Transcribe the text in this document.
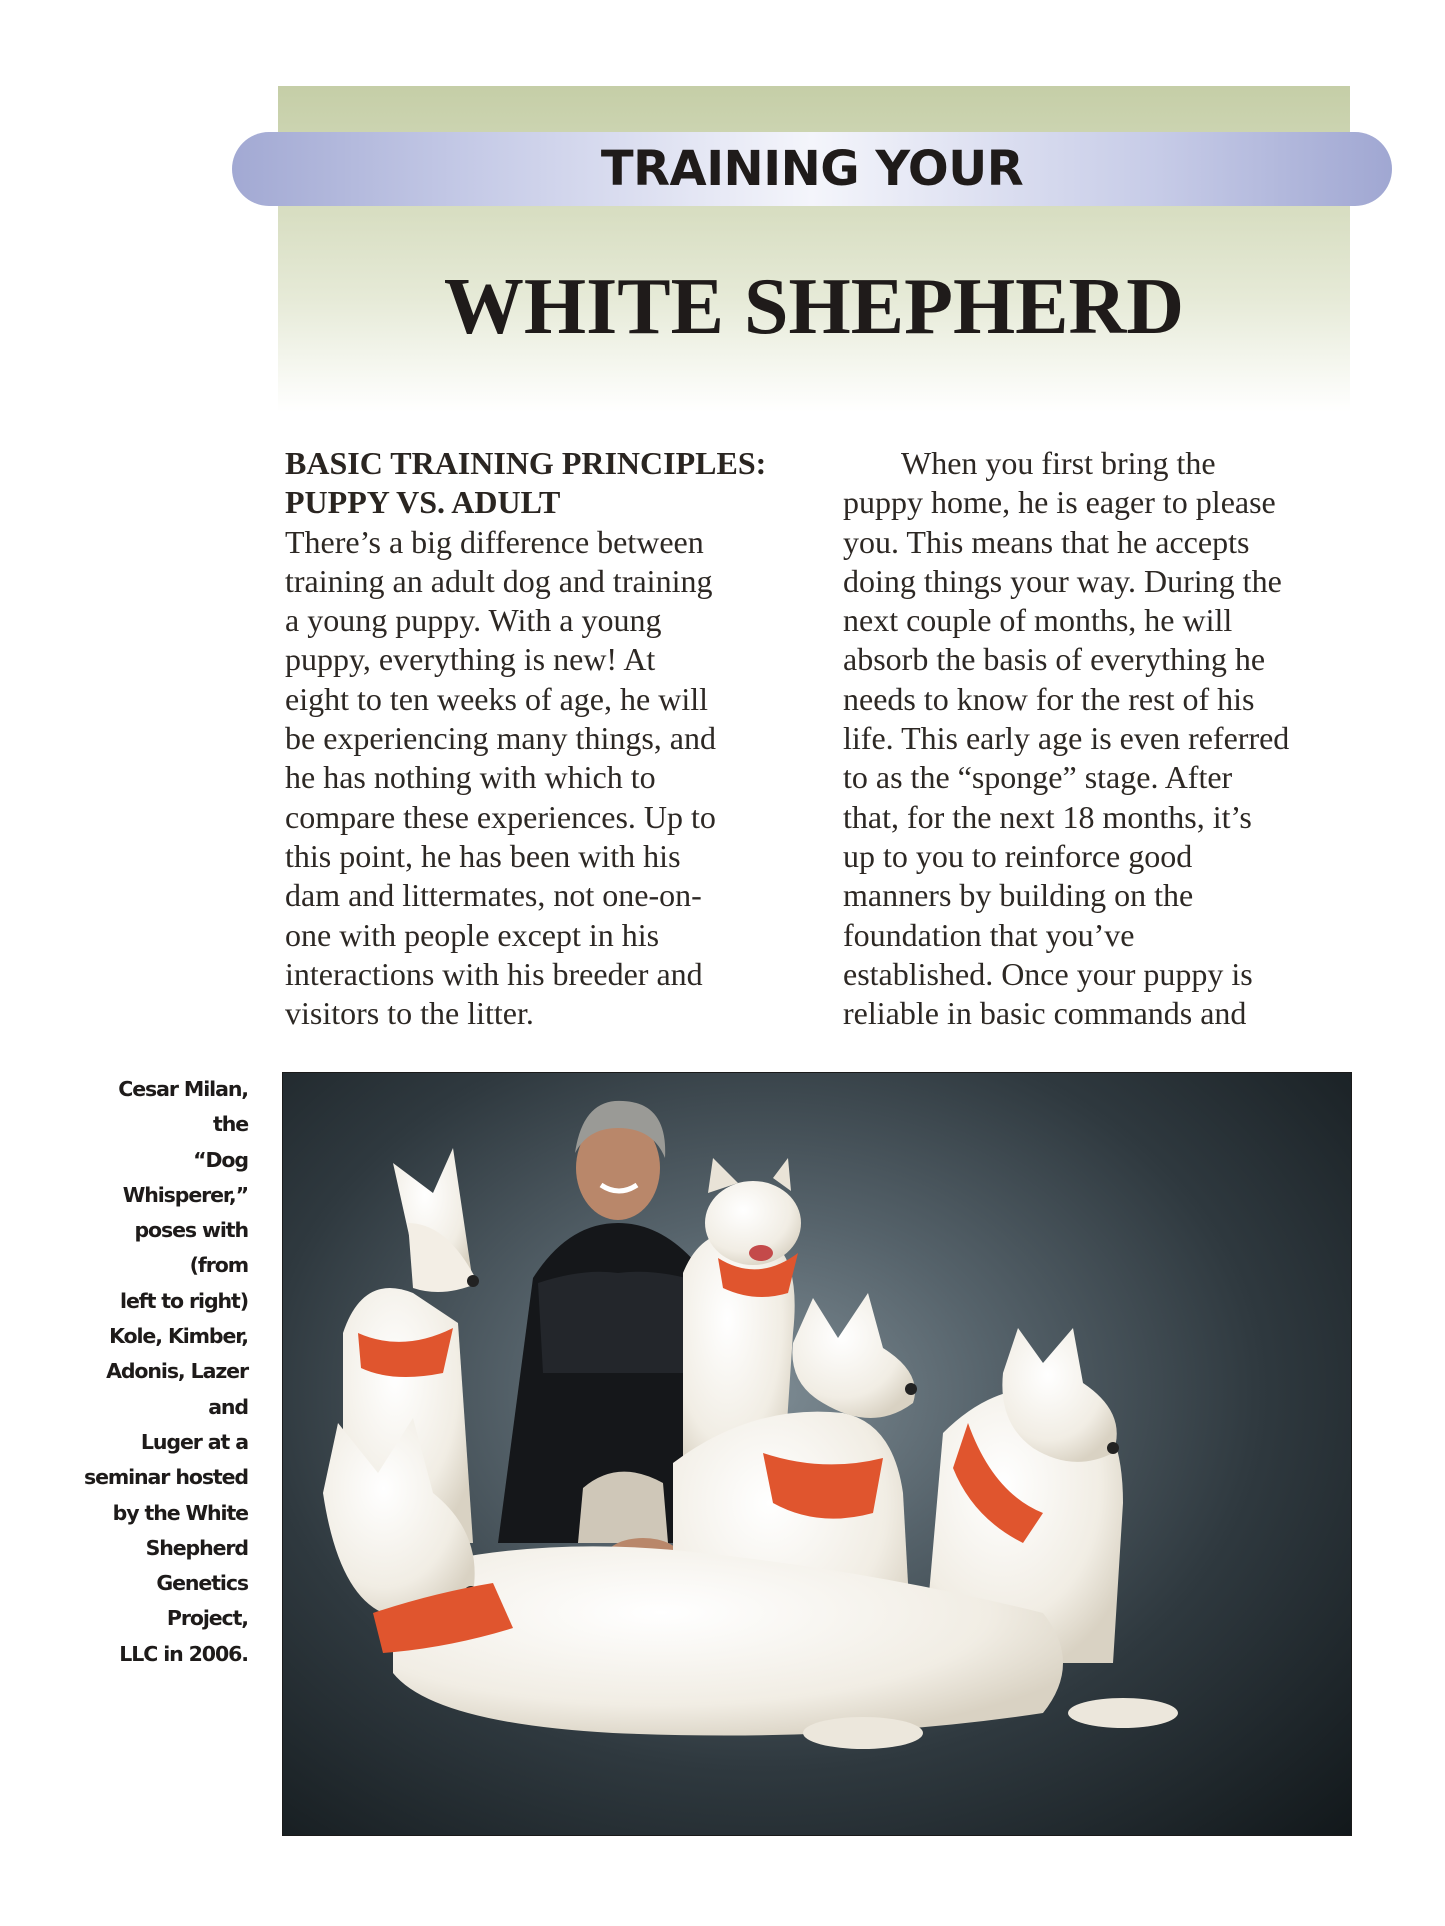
TRAINING YOUR
WHITE SHEPHERD

BASIC TRAINING PRINCIPLES:

PUPPY VS. ADULT

There’s a big difference between

training an adult dog and training

a young puppy. With a young

puppy, everything is new! At

eight to ten weeks of age, he will

be experiencing many things, and

he has nothing with which to

compare these experiences. Up to

this point, he has been with his

dam and littermates, not one-on-

one with people except in his

interactions with his breeder and

visitors to the litter.

When you first bring the

puppy home, he is eager to please

you. This means that he accepts

doing things your way. During the

next couple of months, he will

absorb the basis of everything he

needs to know for the rest of his

life. This early age is even referred

to as the “sponge” stage. After

that, for the next 18 months, it’s

up to you to reinforce good

manners by building on the

foundation that you’ve

established. Once your puppy is

reliable in basic commands and

Cesar Milan, the
“Dog Whisperer,”
poses with (from
left to right)
Kole, Kimber,
Adonis, Lazer and
Luger at a
seminar hosted
by the White
Shepherd
Genetics Project,
LLC in 2006.
